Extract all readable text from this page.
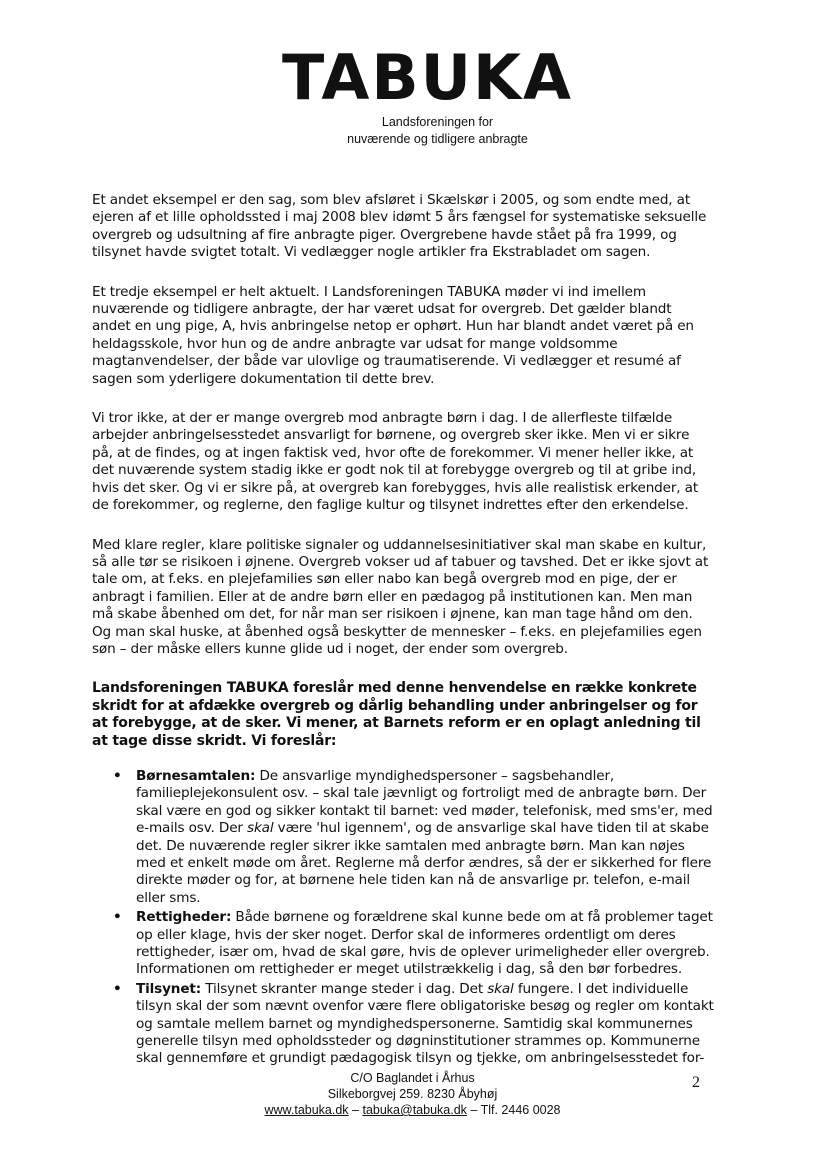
TABUKA
Landsforeningen for
nuværende og tidligere anbragte

Et andet eksempel er den sag, som blev afsløret i Skælskør i 2005, og som endte med, at ejeren af et lille opholdssted i maj 2008 blev idømt 5 års fængsel for systematiske seksuelle overgreb og udsultning af fire anbragte piger. Overgrebene havde stået på fra 1999, og tilsynet havde svigtet totalt. Vi vedlægger nogle artikler fra Ekstrabladet om sagen.

Et tredje eksempel er helt aktuelt. I Landsforeningen TABUKA møder vi ind imellem nuværende og tidligere anbragte, der har været udsat for overgreb. Det gælder blandt andet en ung pige, A, hvis anbringelse netop er ophørt. Hun har blandt andet været på en heldagsskole, hvor hun og de andre anbragte var udsat for mange voldsomme magtanvendelser, der både var ulovlige og traumatiserende. Vi vedlægger et resumé af sagen som yderligere dokumentation til dette brev.

Vi tror ikke, at der er mange overgreb mod anbragte børn i dag. I de allerfleste tilfælde arbejder anbringelsesstedet ansvarligt for børnene, og overgreb sker ikke. Men vi er sikre på, at de findes, og at ingen faktisk ved, hvor ofte de forekommer. Vi mener heller ikke, at det nuværende system stadig ikke er godt nok til at forebygge overgreb og til at gribe ind, hvis det sker. Og vi er sikre på, at overgreb kan forebygges, hvis alle realistisk erkender, at de forekommer, og reglerne, den faglige kultur og tilsynet indrettes efter den erkendelse.

Med klare regler, klare politiske signaler og uddannelsesinitiativer skal man skabe en kultur, så alle tør se risikoen i øjnene. Overgreb vokser ud af tabuer og tavshed. Det er ikke sjovt at tale om, at f.eks. en plejefamilies søn eller nabo kan begå overgreb mod en pige, der er anbragt i familien. Eller at de andre børn eller en pædagog på institutionen kan. Men man må skabe åbenhed om det, for når man ser risikoen i øjnene, kan man tage hånd om den. Og man skal huske, at åbenhed også beskytter de mennesker – f.eks. en plejefamilies egen søn – der måske ellers kunne glide ud i noget, der ender som overgreb.

Landsforeningen TABUKA foreslår med denne henvendelse en række konkrete skridt for at afdække overgreb og dårlig behandling under anbringelser og for at forebygge, at de sker. Vi mener, at Barnets reform er en oplagt anledning til at tage disse skridt. Vi foreslår:

• Børnesamtalen: De ansvarlige myndighedspersoner – sagsbehandler, familieplejekonsulent osv. – skal tale jævnligt og fortroligt med de anbragte børn. Der skal være en god og sikker kontakt til barnet: ved møder, telefonisk, med sms'er, med e-mails osv. Der skal være 'hul igennem', og de ansvarlige skal have tiden til at skabe det. De nuværende regler sikrer ikke samtalen med anbragte børn. Man kan nøjes med et enkelt møde om året. Reglerne må derfor ændres, så der er sikkerhed for flere direkte møder og for, at børnene hele tiden kan nå de ansvarlige pr. telefon, e-mail eller sms.
• Rettigheder: Både børnene og forældrene skal kunne bede om at få problemer taget op eller klage, hvis der sker noget. Derfor skal de informeres ordentligt om deres rettigheder, især om, hvad de skal gøre, hvis de oplever urimeligheder eller overgreb. Informationen om rettigheder er meget utilstrækkelig i dag, så den bør forbedres.
• Tilsynet: Tilsynet skranter mange steder i dag. Det skal fungere. I det individuelle tilsyn skal der som nævnt ovenfor være flere obligatoriske besøg og regler om kontakt og samtale mellem barnet og myndighedspersonerne. Samtidig skal kommunernes generelle tilsyn med opholdssteder og døgninstitutioner strammes op. Kommunerne skal gennemføre et grundigt pædagogisk tilsyn og tjekke, om anbringelsesstedet for-
C/O Baglandet i Århus
Silkeborgvej 259. 8230 Åbyhøj
www.tabuka.dk – tabuka@tabuka.dk – Tlf. 2446 0028
2
